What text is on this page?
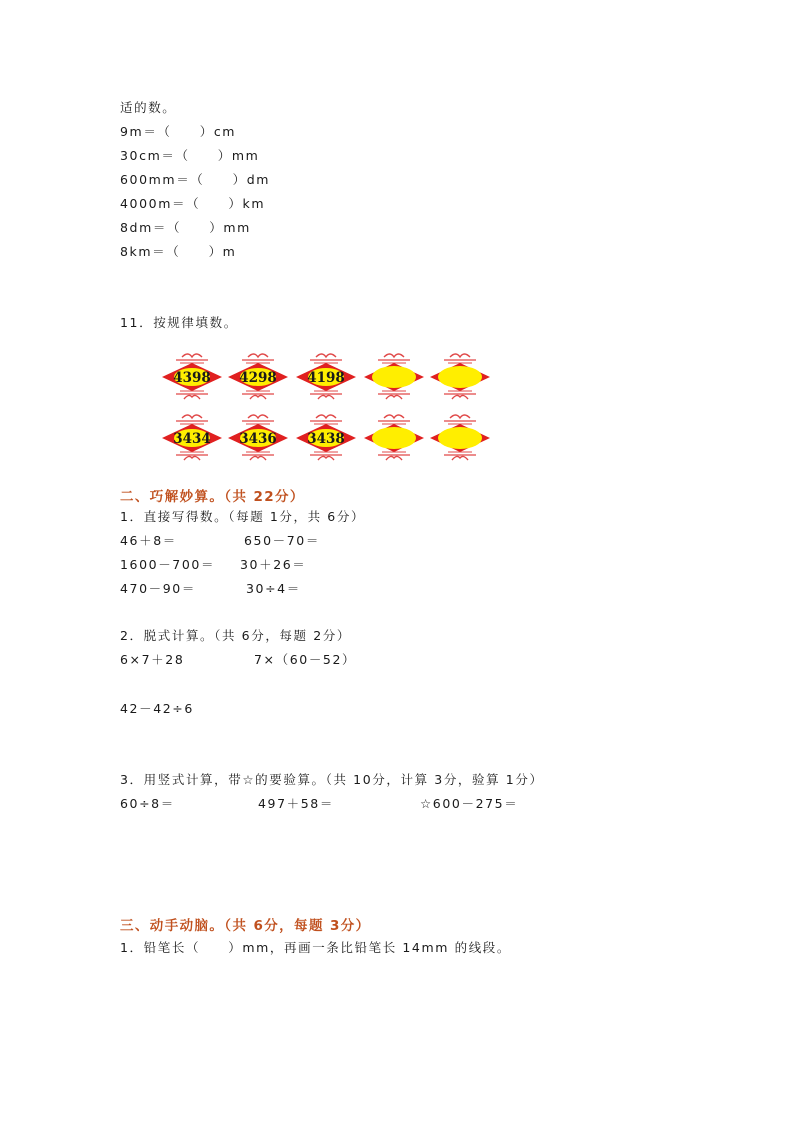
适的数。
9m＝（　　）cm
30cm＝（　　）mm
600mm＝（　　）dm
4000m＝（　　）km
8dm＝（　　）mm
8km＝（　　）m
11．按规律填数。
4398 4298 4198
3434 3436 3438
二、巧解妙算。（共 22分）
1．直接写得数。（每题 1分，共 6分）
46＋8＝	650－70＝
1600－700＝ 30＋26＝
470－90＝	30÷4＝
2．脱式计算。（共 6分，每题 2分）
6×7＋28	7×（60－52）
42－42÷6
3．用竖式计算，带☆的要验算。（共 10分，计算 3分，验算 1分）
60÷8＝	497＋58＝	☆600－275＝
三、动手动脑。（共 6分，每题 3分）
1．铅笔长（　　）mm，再画一条比铅笔长 14mm 的线段。
